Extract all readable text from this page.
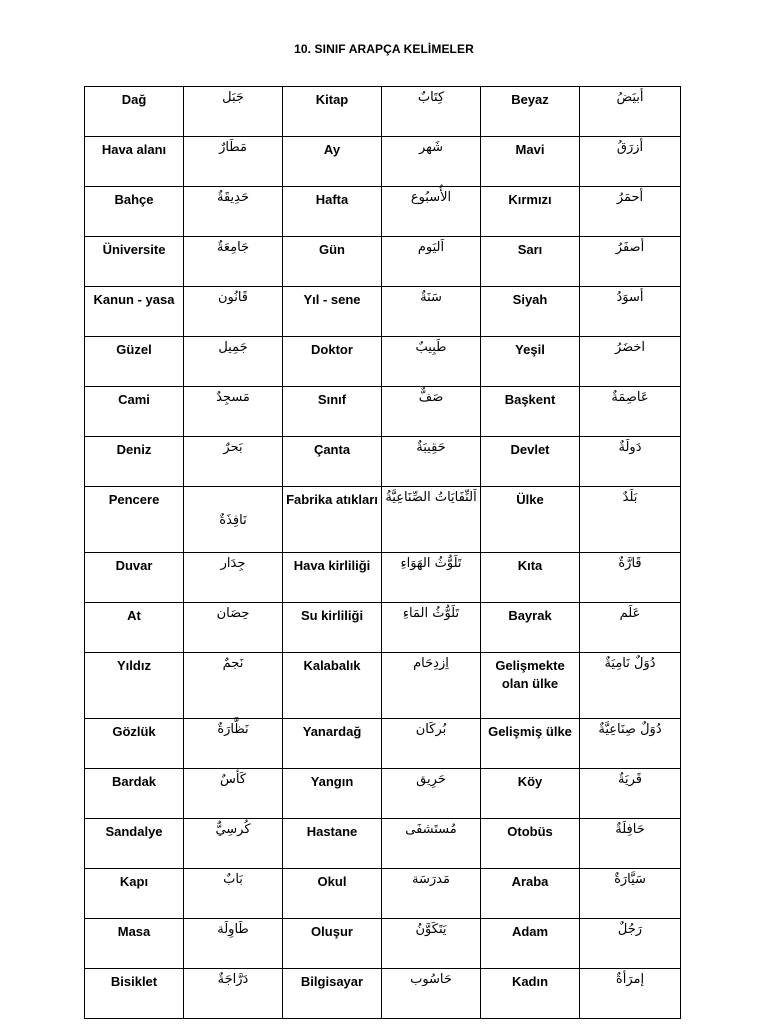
10. SINIF ARAPÇA KELİMELER
Dağ	جَبَل	Kitap	كِتَابٌ	Beyaz	أبيَضُ
Hava alanı	مَطَارٌ	Ay	شَهر	Mavi	أزرَقُ
Bahçe	حَدِيقَةٌ	Hafta	الأُسبُوع	Kırmızı	أحمَرُ
Üniversite	جَامِعَةٌ	Gün	اَليَوم	Sarı	أصفَرُ
Kanun - yasa	قَانُون	Yıl - sene	سَنَةٌ	Siyah	أسوَدُ
Güzel	جَمِيل	Doktor	طَبِيبٌ	Yeşil	اخضَرُ
Cami	مَسجِدٌ	Sınıf	صَفٌّ	Başkent	عَاصِمَةٌ
Deniz	بَحرٌ	Çanta	حَقِيبَةٌ	Devlet	دَولَةٌ
Pencere	نَافِذَةٌ	Fabrika atıkları	اَلنِّفَايَاتُ الصِّنَاعِيَّةُ	Ülke	بَلَدٌ
Duvar	جِدَار	Hava kirliliği	تَلَوُّثُ الهَوَاءِ	Kıta	قَارَّةٌ
At	حِصَان	Su kirliliği	تَلَوُّثُ المَاءِ	Bayrak	عَلَم
Yıldız	نَجمٌ	Kalabalık	اِزدِحَام	Gelişmekte olan ülke	دُوَلٌ نَامِيَةٌ
Gözlük	نَظَّارَةٌ	Yanardağ	بُركَان	Gelişmiş ülke	دُوَلٌ صِنَاعِيَّةٌ
Bardak	كَأسٌ	Yangın	حَرِيق	Köy	قَريَةٌ
Sandalye	كُرسِيٌّ	Hastane	مُستَشفَى	Otobüs	حَافِلَةٌ
Kapı	بَابٌ	Okul	مَدرَسَة	Araba	سَيَّارَةٌ
Masa	طَاوِلَة	Oluşur	يَتَكَوَّنُ	Adam	رَجُلٌ
Bisiklet	دَرَّاجَةٌ	Bilgisayar	حَاسُوب	Kadın	إمرَأةٌ
